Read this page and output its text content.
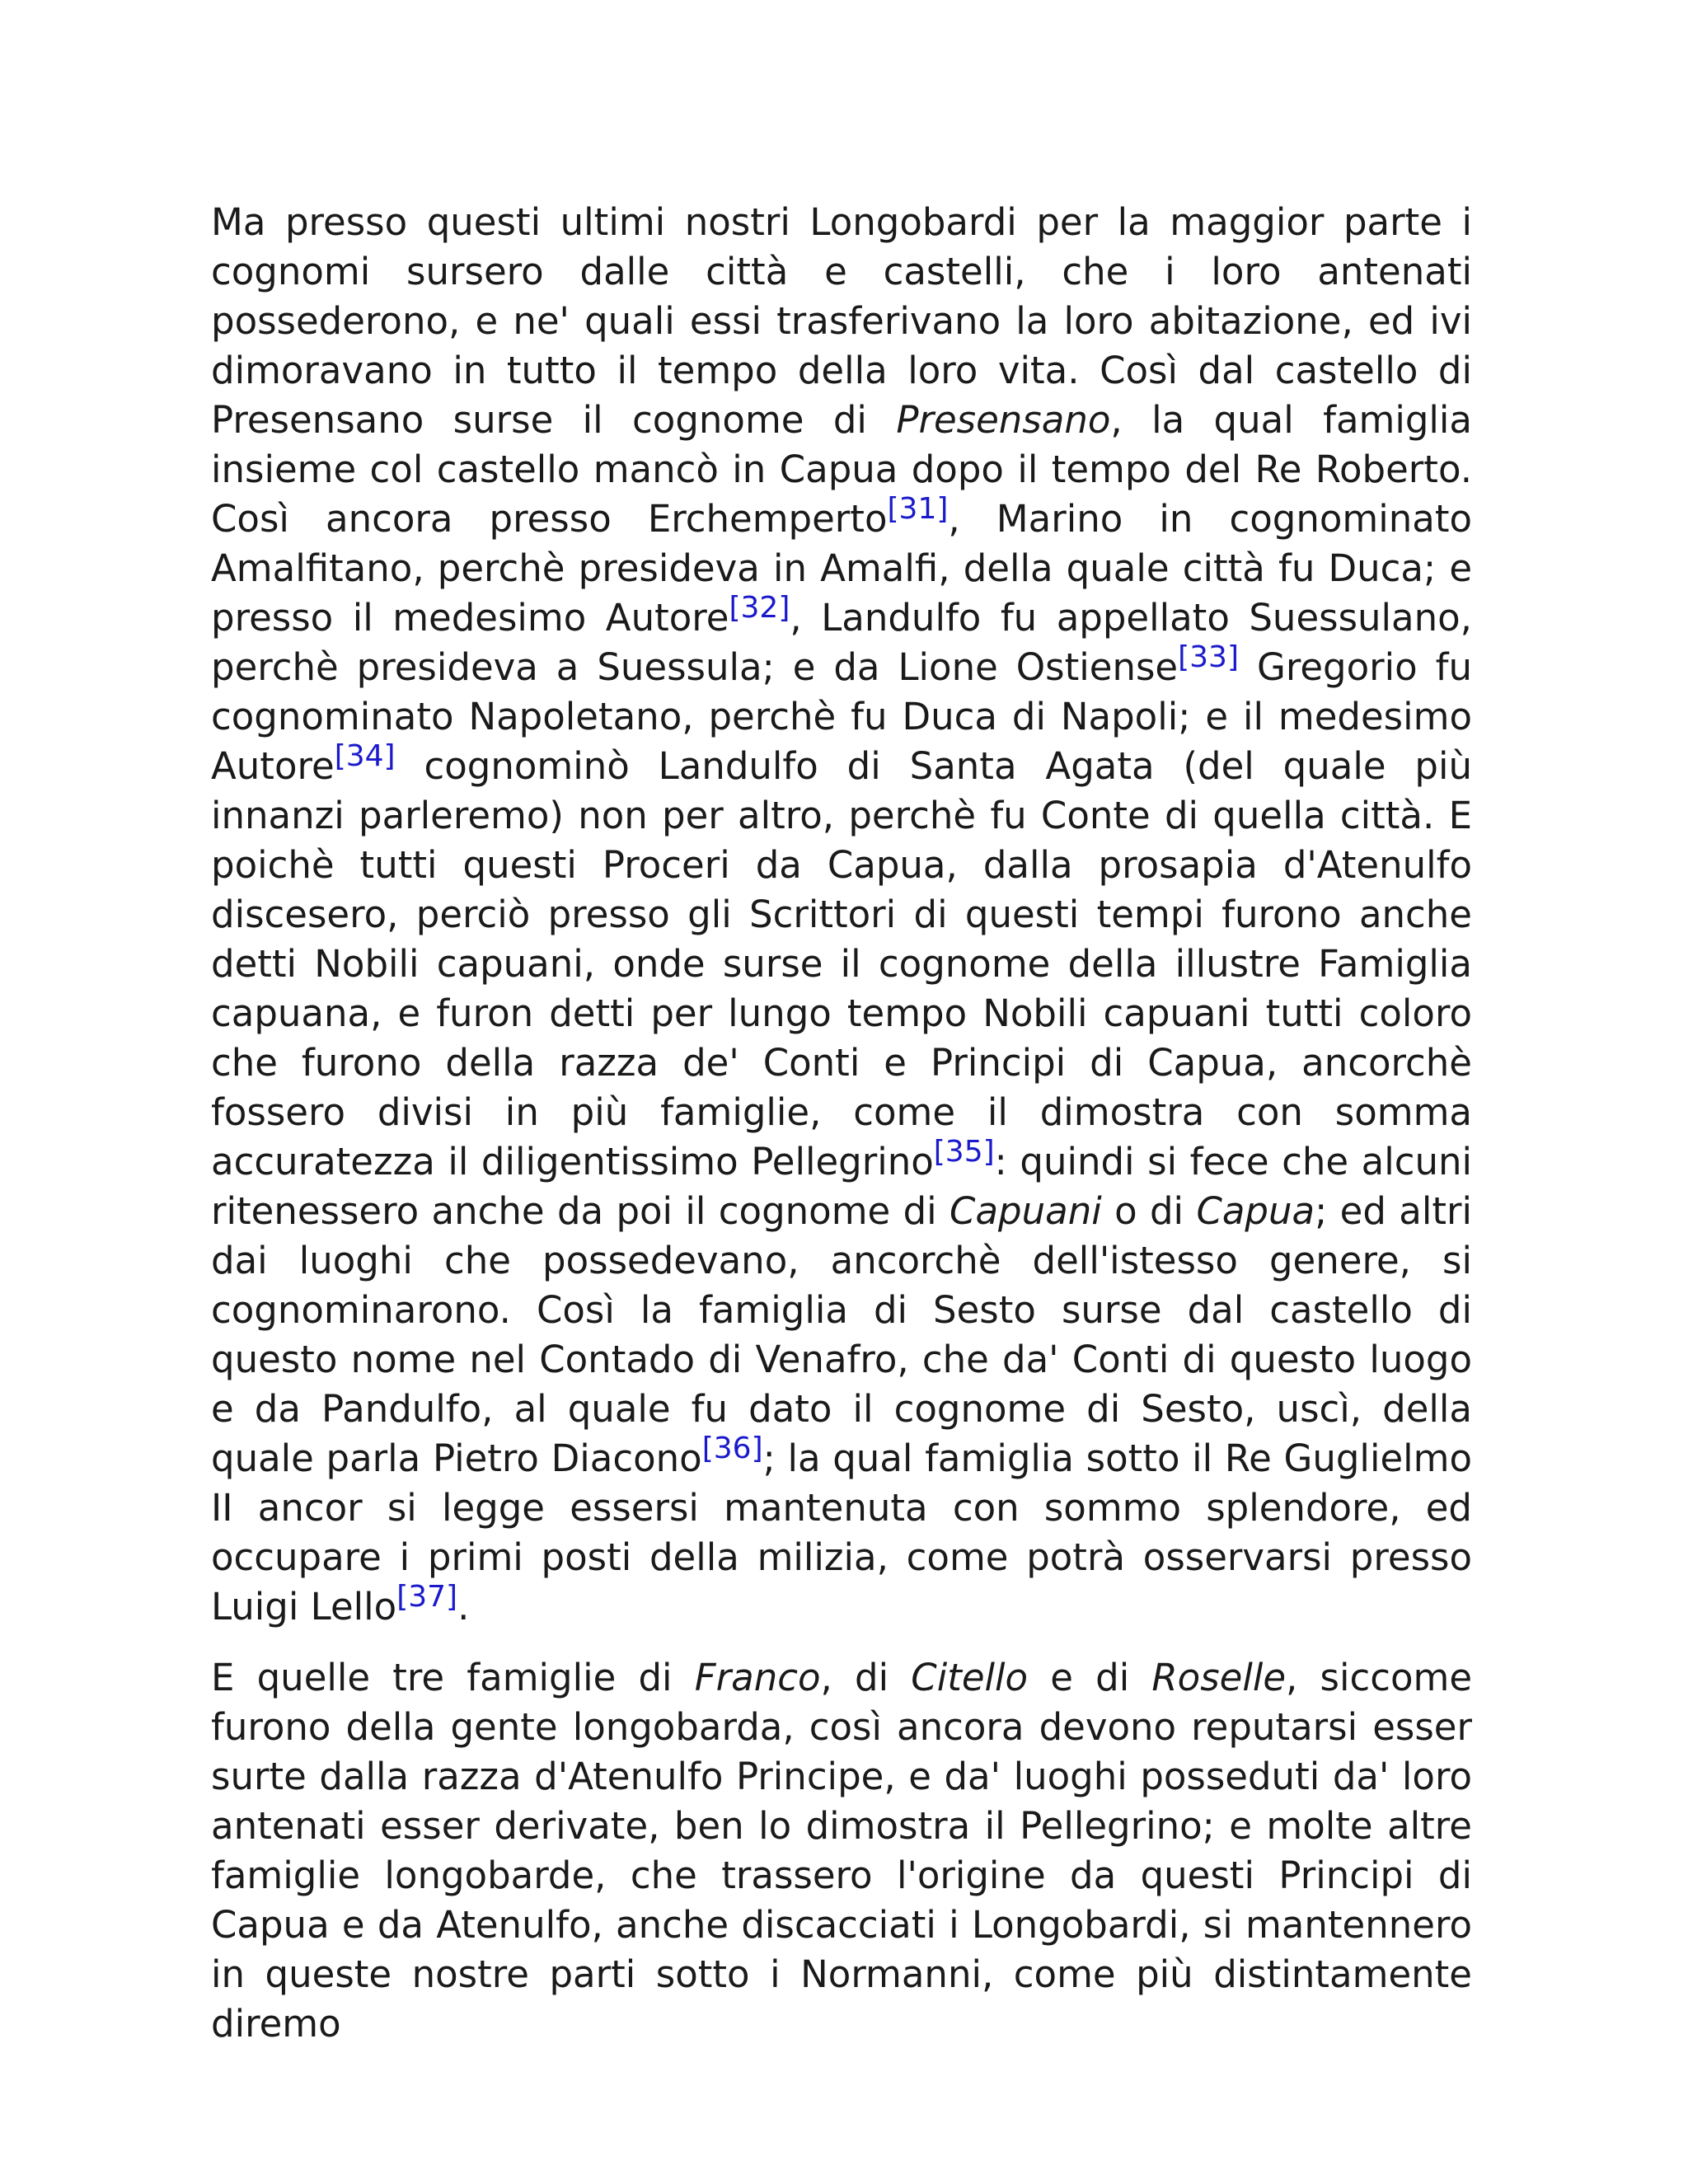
Ma presso questi ultimi nostri Longobardi per la maggior parte i cognomi sursero dalle città e castelli, che i loro antenati possederono, e ne' quali essi trasferivano la loro abitazione, ed ivi dimoravano in tutto il tempo della loro vita. Così dal castello di Presensano surse il cognome di Presensano, la qual famiglia insieme col castello mancò in Capua dopo il tempo del Re Roberto. Così ancora presso Erchemperto[31], Marino in cognominato Amalfitano, perchè presideva in Amalfi, della quale città fu Duca; e presso il medesimo Autore[32], Landulfo fu appellato Suessulano, perchè presideva a Suessula; e da Lione Ostiense[33] Gregorio fu cognominato Napoletano, perchè fu Duca di Napoli; e il medesimo Autore[34] cognominò Landulfo di Santa Agata (del quale più innanzi parleremo) non per altro, perchè fu Conte di quella città. E poichè tutti questi Proceri da Capua, dalla prosapia d'Atenulfo discesero, perciò presso gli Scrittori di questi tempi furono anche detti Nobili capuani, onde surse il cognome della illustre Famiglia capuana, e furon detti per lungo tempo Nobili capuani tutti coloro che furono della razza de' Conti e Principi di Capua, ancorchè fossero divisi in più famiglie, come il dimostra con somma accuratezza il diligentissimo Pellegrino[35]: quindi si fece che alcuni ritenessero anche da poi il cognome di Capuani o di Capua; ed altri dai luoghi che possedevano, ancorchè dell'istesso genere, si cognominarono. Così la famiglia di Sesto surse dal castello di questo nome nel Contado di Venafro, che da' Conti di questo luogo e da Pandulfo, al quale fu dato il cognome di Sesto, uscì, della quale parla Pietro Diacono[36]; la qual famiglia sotto il Re Guglielmo II ancor si legge essersi mantenuta con sommo splendore, ed occupare i primi posti della milizia, come potrà osservarsi presso Luigi Lello[37].

E quelle tre famiglie di Franco, di Citello e di Roselle, siccome furono della gente longobarda, così ancora devono reputarsi esser surte dalla razza d'Atenulfo Principe, e da' luoghi posseduti da' loro antenati esser derivate, ben lo dimostra il Pellegrino; e molte altre famiglie longobarde, che trassero l'origine da questi Principi di Capua e da Atenulfo, anche discacciati i Longobardi, si mantennero in queste nostre parti sotto i Normanni, come più distintamente diremo
